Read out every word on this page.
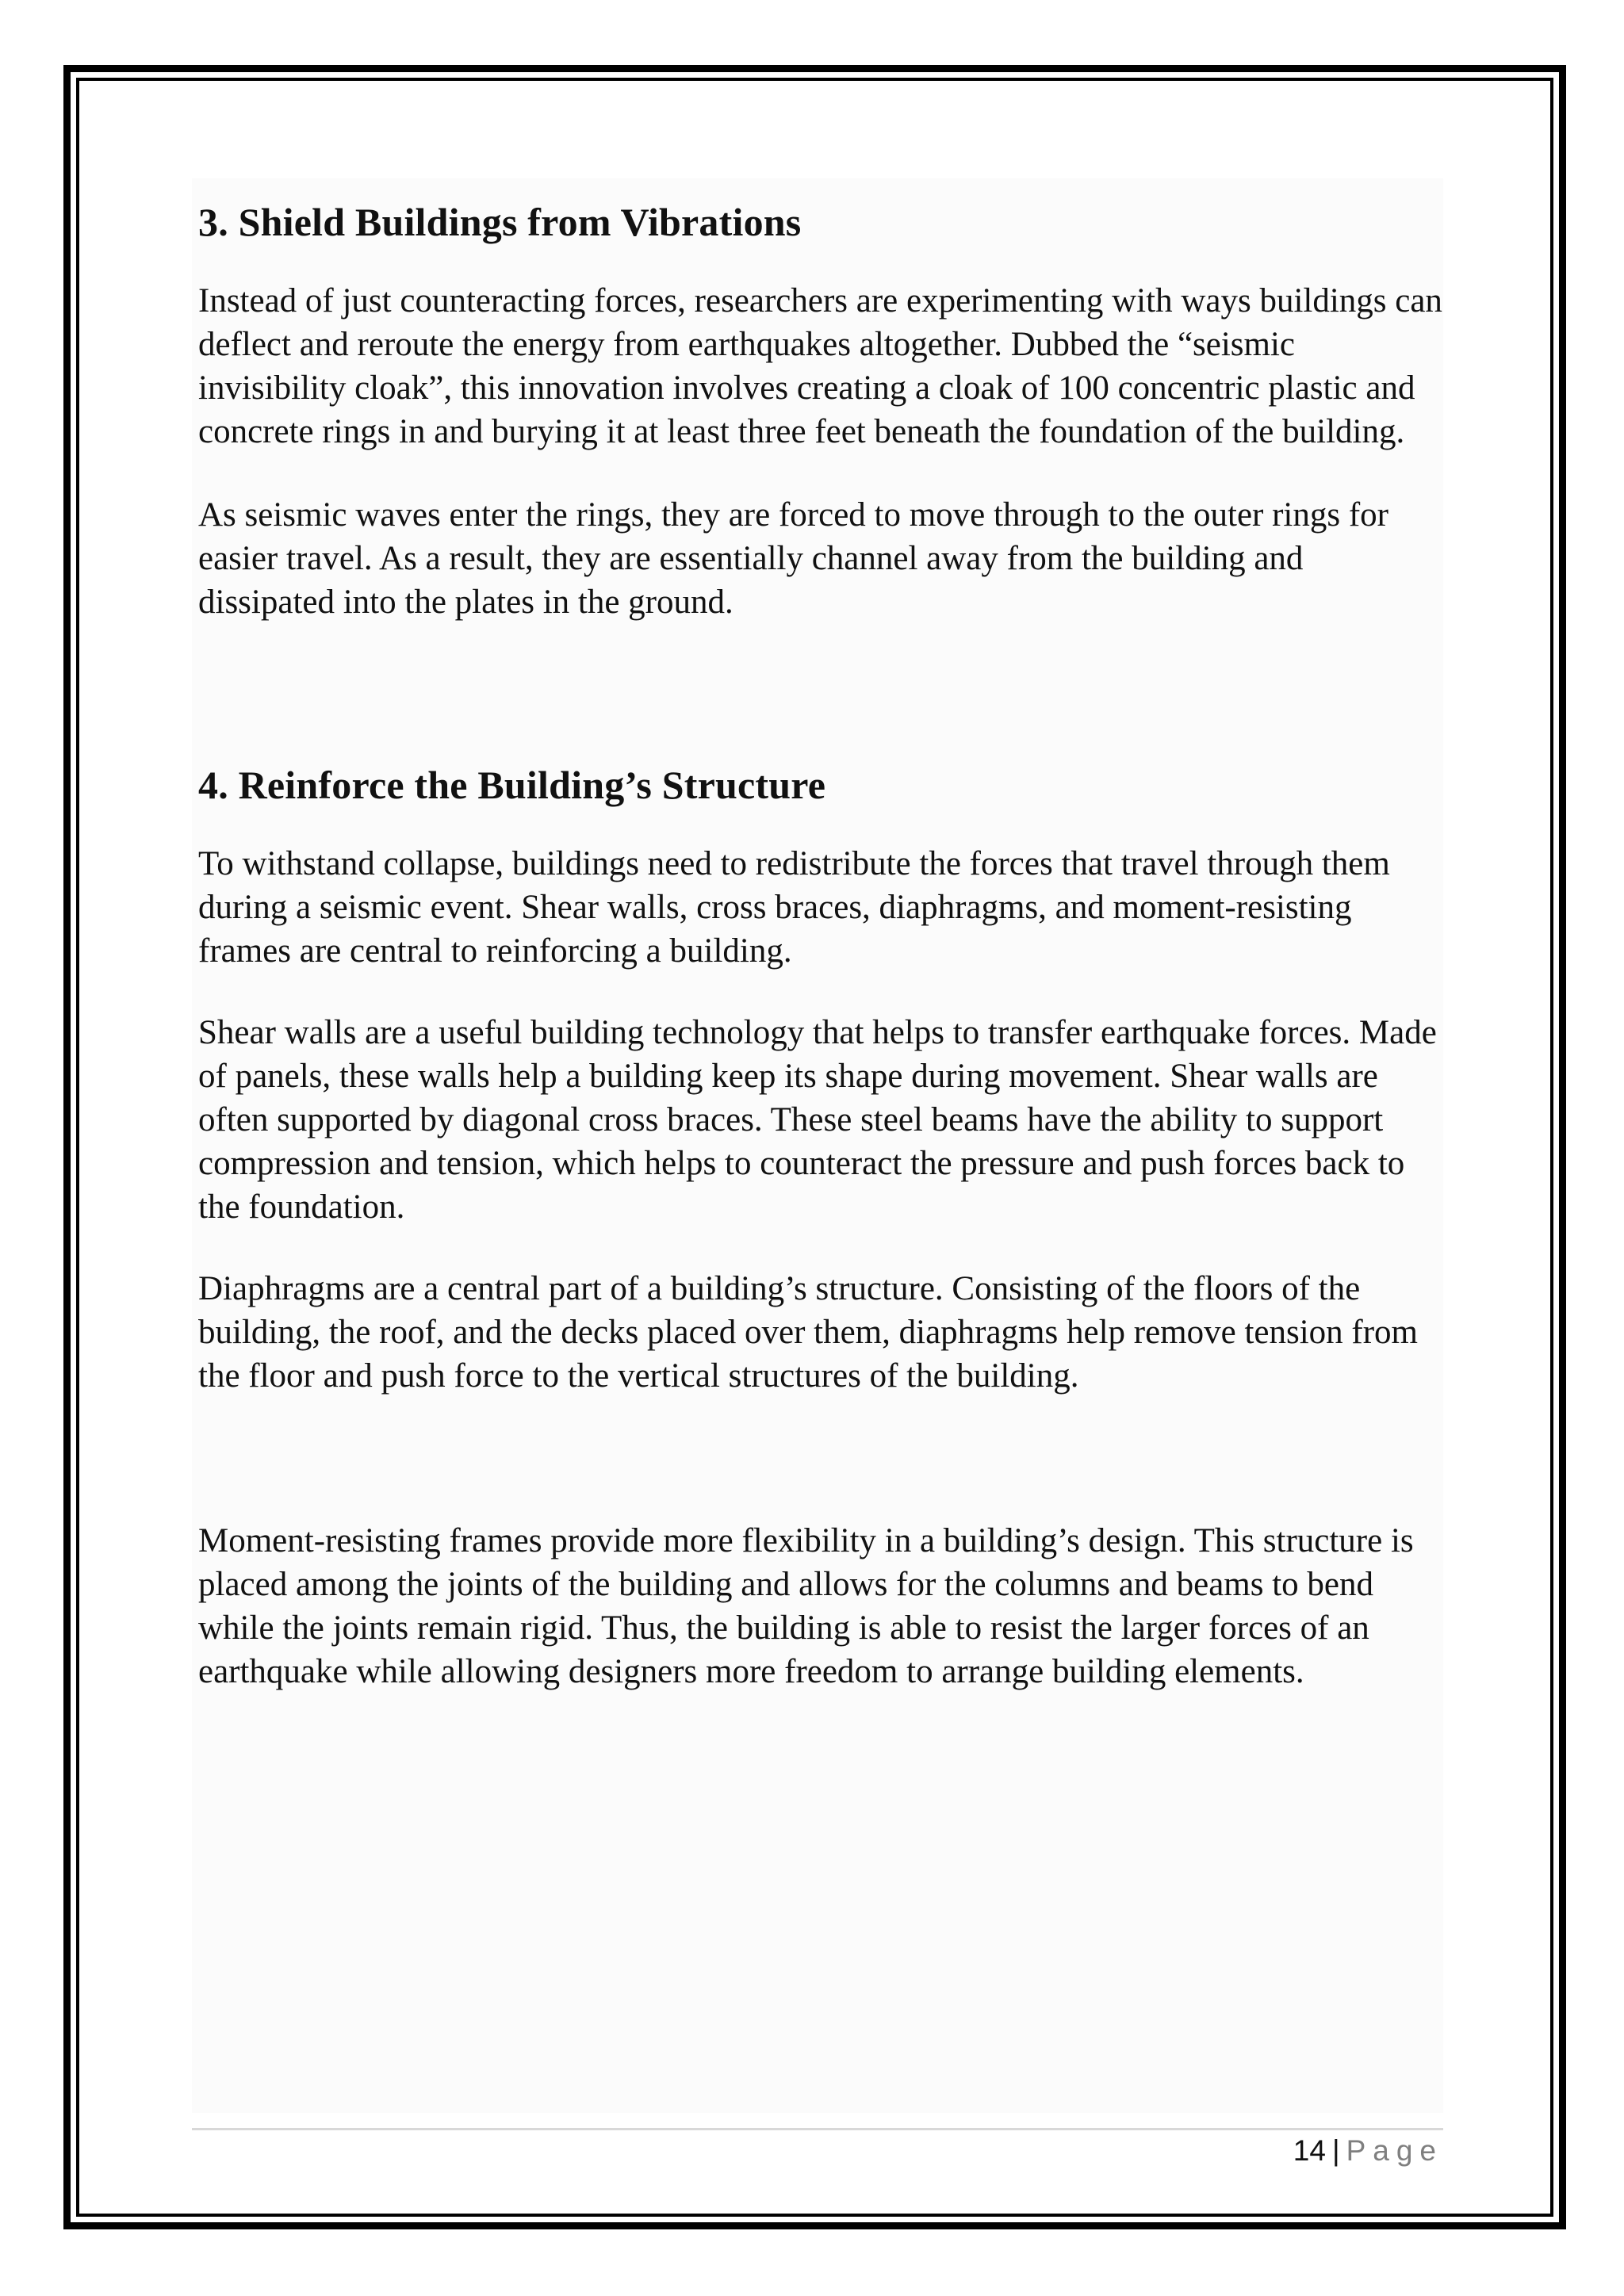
3. Shield Buildings from Vibrations

Instead of just counteracting forces, researchers are experimenting with ways buildings can deflect and reroute the energy from earthquakes altogether. Dubbed the “seismic invisibility cloak”, this innovation involves creating a cloak of 100 concentric plastic and concrete rings in and burying it at least three feet beneath the foundation of the building.

As seismic waves enter the rings, they are forced to move through to the outer rings for easier travel. As a result, they are essentially channel away from the building and dissipated into the plates in the ground.

4. Reinforce the Building’s Structure

To withstand collapse, buildings need to redistribute the forces that travel through them during a seismic event. Shear walls, cross braces, diaphragms, and moment-resisting frames are central to reinforcing a building.

Shear walls are a useful building technology that helps to transfer earthquake forces. Made of panels, these walls help a building keep its shape during movement. Shear walls are often supported by diagonal cross braces. These steel beams have the ability to support compression and tension, which helps to counteract the pressure and push forces back to the foundation.

Diaphragms are a central part of a building’s structure. Consisting of the floors of the building, the roof, and the decks placed over them, diaphragms help remove tension from the floor and push force to the vertical structures of the building.

Moment-resisting frames provide more flexibility in a building’s design. This structure is placed among the joints of the building and allows for the columns and beams to bend while the joints remain rigid. Thus, the building is able to resist the larger forces of an earthquake while allowing designers more freedom to arrange building elements.

14 | Page
